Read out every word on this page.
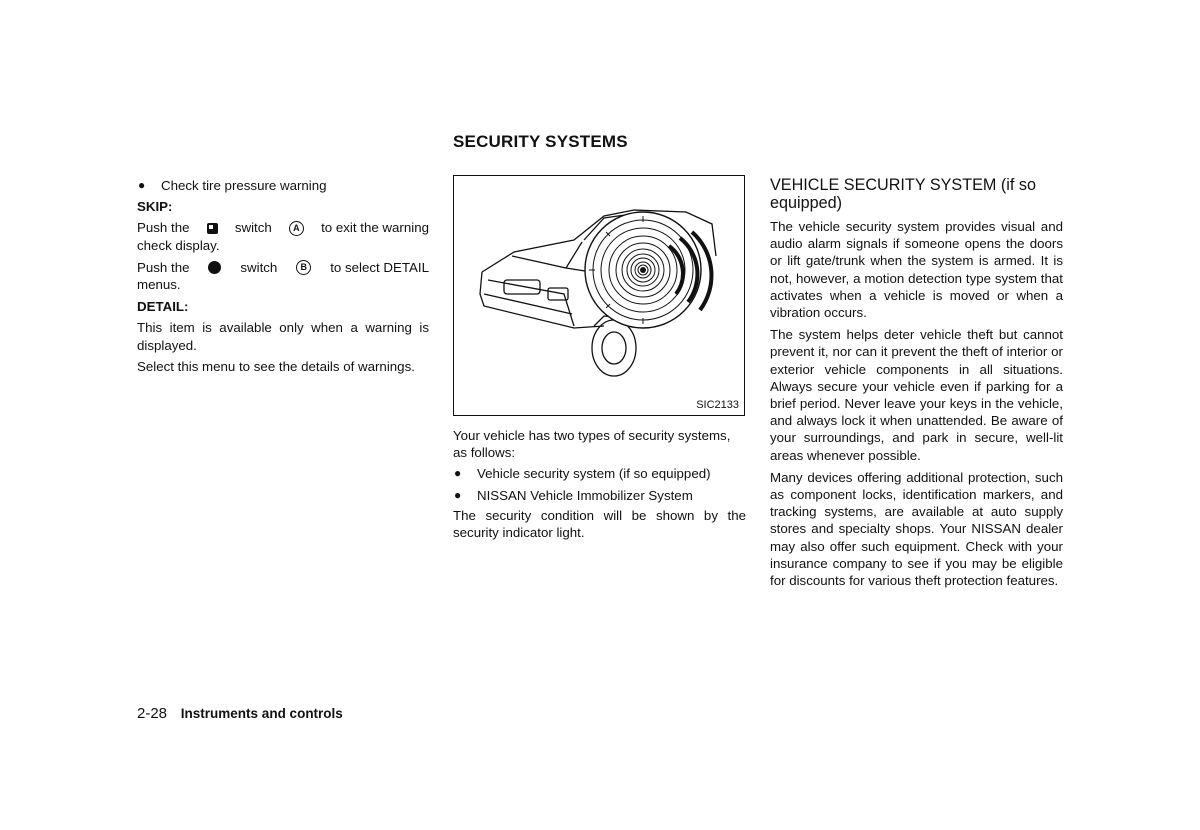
SECURITY SYSTEMS
●	Check tire pressure warning

SKIP:

Push the	switch	A	to exit the warning

check display.

Push the	switch	B	to select DETAIL

menus.

DETAIL:

This item is available only when a warning is displayed.

Select this menu to see the details of warnings.

SIC2133

Your vehicle has two types of security systems, as follows:

●	Vehicle security system (if so equipped)
●	NISSAN Vehicle Immobilizer System

The security condition will be shown by the security indicator light.

VEHICLE SECURITY SYSTEM (if so equipped)

The vehicle security system provides visual and audio alarm signals if someone opens the doors or lift gate/trunk when the system is armed. It is not, however, a motion detection type system that activates when a vehicle is moved or when a vibration occurs.

The system helps deter vehicle theft but cannot prevent it, nor can it prevent the theft of interior or exterior vehicle components in all situations. Always secure your vehicle even if parking for a brief period. Never leave your keys in the vehicle, and always lock it when unattended. Be aware of your surroundings, and park in secure, well-lit areas whenever possible.

Many devices offering additional protection, such as component locks, identification markers, and tracking systems, are available at auto supply stores and specialty shops. Your NISSAN dealer may also offer such equipment. Check with your insurance company to see if you may be eligible for discounts for various theft protection features.

2-28 Instruments and controls
